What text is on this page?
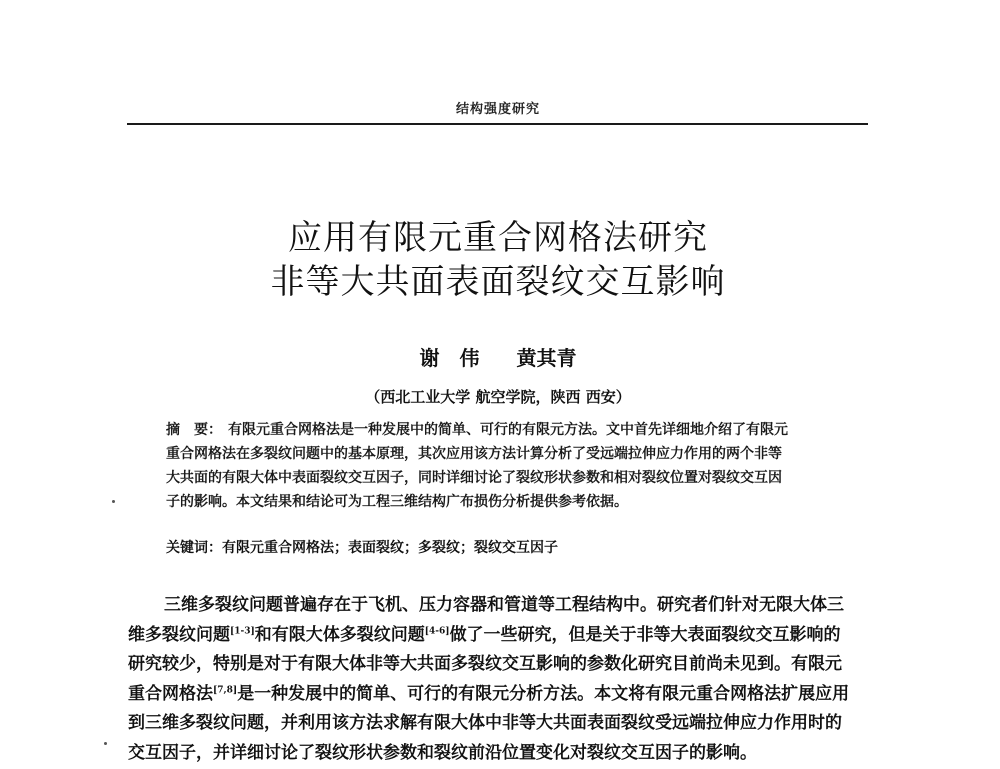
结构强度研究
应用有限元重合网格法研究
非等大共面表面裂纹交互影响
谢　伟 黄其青
（西北工业大学 航空学院，陕西 西安）
摘　要： 有限元重合网格法是一种发展中的简单、可行的有限元方法。文中首先详细地介绍了有限元
重合网格法在多裂纹问题中的基本原理，其次应用该方法计算分析了受远端拉伸应力作用的两个非等
大共面的有限大体中表面裂纹交互因子，同时详细讨论了裂纹形状参数和相对裂纹位置对裂纹交互因
子的影响。本文结果和结论可为工程三维结构广布损伤分析提供参考依据。
关键词：有限元重合网格法；表面裂纹；多裂纹；裂纹交互因子
三维多裂纹问题普遍存在于飞机、压力容器和管道等工程结构中。研究者们针对无限大体三
维多裂纹问题[1-3]和有限大体多裂纹问题[4-6]做了一些研究，但是关于非等大表面裂纹交互影响的
研究较少，特别是对于有限大体非等大共面多裂纹交互影响的参数化研究目前尚未见到。有限元
重合网格法[7,8]是一种发展中的简单、可行的有限元分析方法。本文将有限元重合网格法扩展应用
到三维多裂纹问题，并利用该方法求解有限大体中非等大共面表面裂纹受远端拉伸应力作用时的
交互因子，并详细讨论了裂纹形状参数和裂纹前沿位置变化对裂纹交互因子的影响。
